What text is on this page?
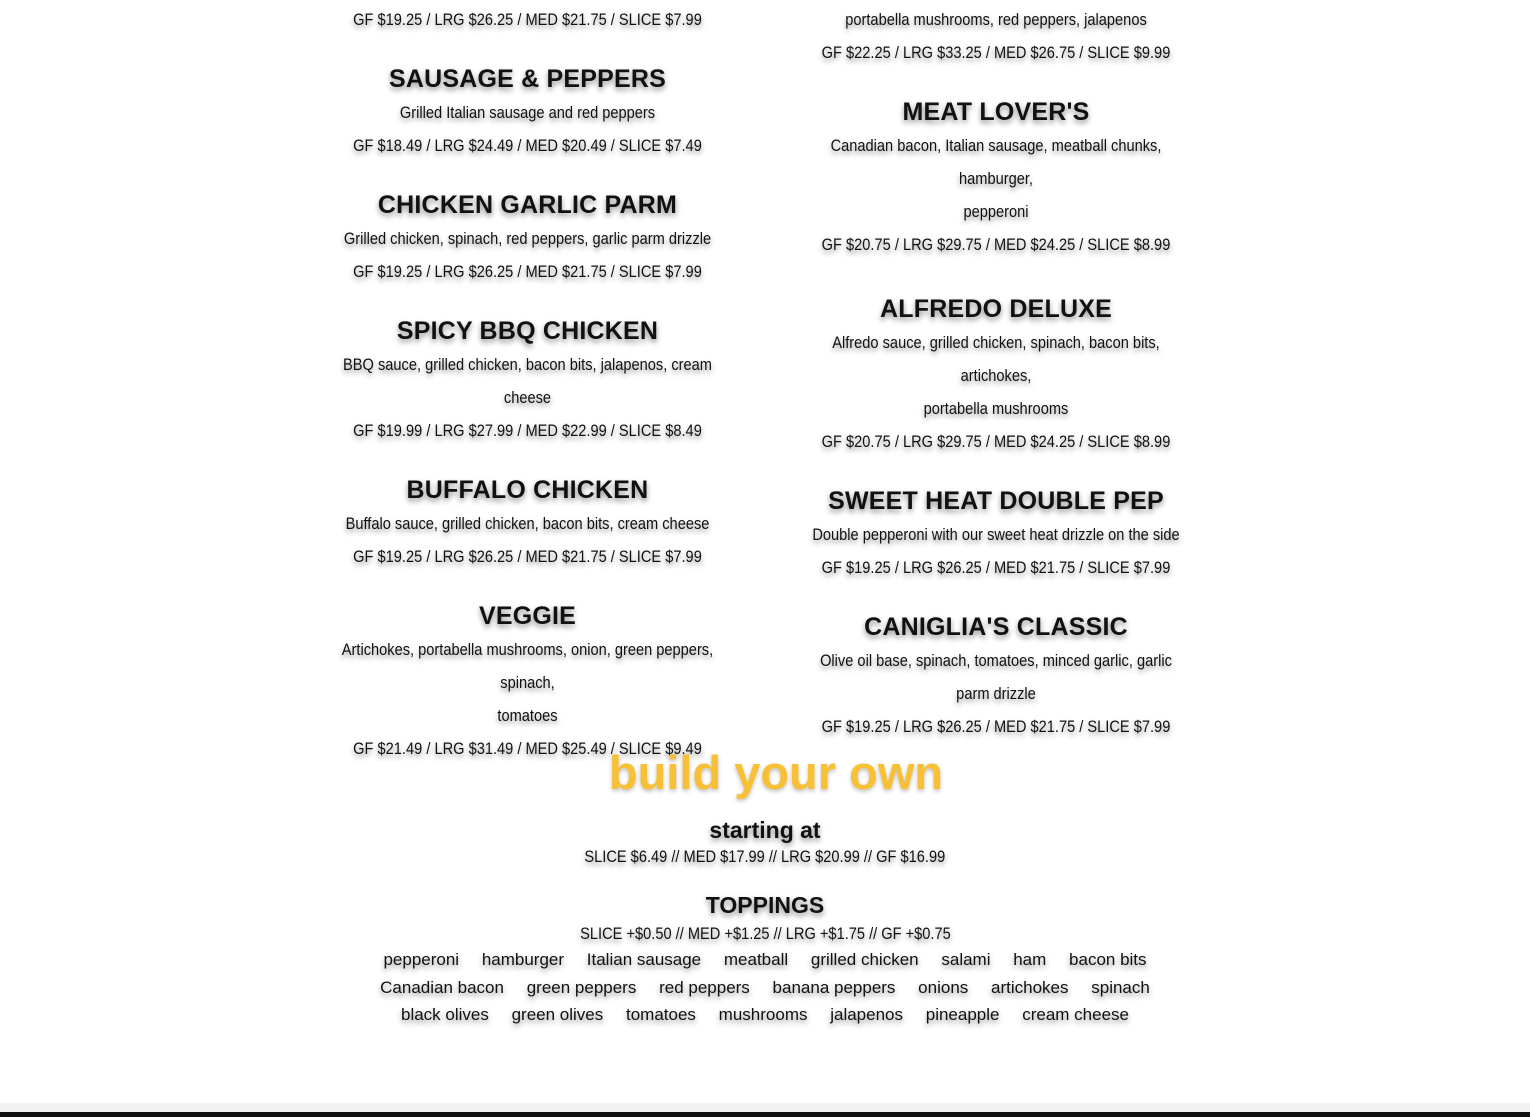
GF $19.25 / LRG $26.25 / MED $21.75 / SLICE $7.99

SAUSAGE & PEPPERS

Grilled Italian sausage and red peppers

GF $18.49 / LRG $24.49 / MED $20.49 / SLICE $7.49

CHICKEN GARLIC PARM

Grilled chicken, spinach, red peppers, garlic parm drizzle

GF $19.25 / LRG $26.25 / MED $21.75 / SLICE $7.99

SPICY BBQ CHICKEN

BBQ sauce, grilled chicken, bacon bits, jalapenos, cream cheese

GF $19.99 / LRG $27.99 / MED $22.99 / SLICE $8.49

BUFFALO CHICKEN

Buffalo sauce, grilled chicken, bacon bits, cream cheese

GF $19.25 / LRG $26.25 / MED $21.75 / SLICE $7.99

VEGGIE

Artichokes, portabella mushrooms, onion, green peppers, spinach,

tomatoes

GF $21.49 / LRG $31.49 / MED $25.49 / SLICE $9.49

portabella mushrooms, red peppers, jalapenos

GF $22.25 / LRG $33.25 / MED $26.75 / SLICE $9.99

MEAT LOVER'S

Canadian bacon, Italian sausage, meatball chunks, hamburger,

pepperoni

GF $20.75 / LRG $29.75 / MED $24.25 / SLICE $8.99

ALFREDO DELUXE

Alfredo sauce, grilled chicken, spinach, bacon bits, artichokes,

portabella mushrooms

GF $20.75 / LRG $29.75 / MED $24.25 / SLICE $8.99

SWEET HEAT DOUBLE PEP

Double pepperoni with our sweet heat drizzle on the side

GF $19.25 / LRG $26.25 / MED $21.75 / SLICE $7.99

CANIGLIA'S CLASSIC

Olive oil base, spinach, tomatoes, minced garlic, garlic parm drizzle

GF $19.25 / LRG $26.25 / MED $21.75 / SLICE $7.99

build your own
starting at
SLICE $6.49 // MED $17.99 // LRG $20.99 // GF $16.99
TOPPINGS
SLICE +$0.50 // MED +$1.25 // LRG +$1.75 // GF +$0.75
pepperoni hamburger Italian sausage meatball grilled chicken salami ham bacon bits Canadian bacon green peppers red peppers banana peppers onions artichokes spinach black olives green olives tomatoes mushrooms jalapenos pineapple cream cheese
